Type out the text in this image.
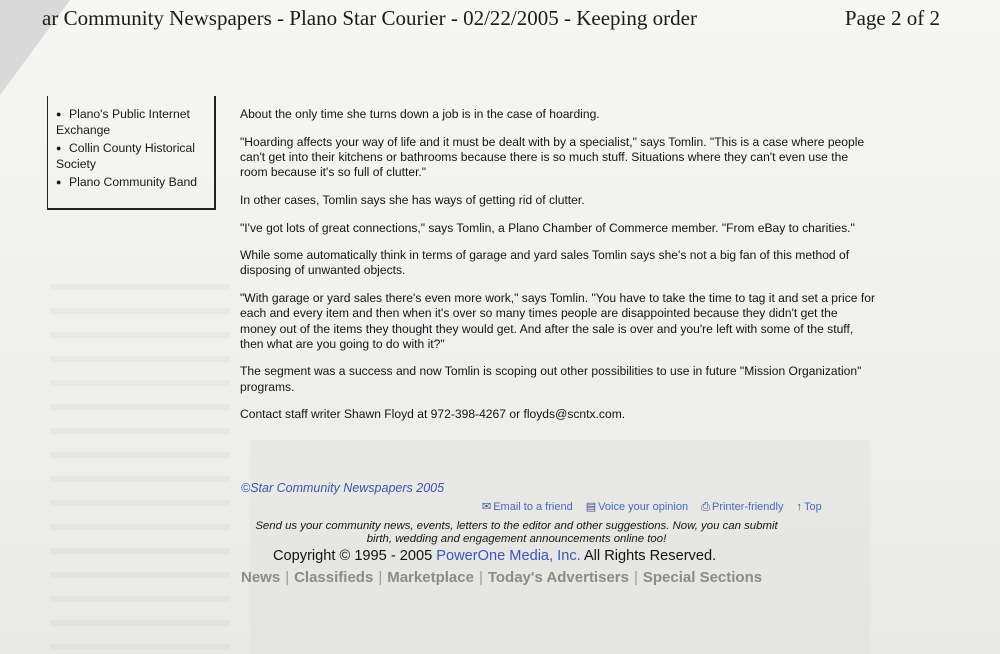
ar Community Newspapers - Plano Star Courier - 02/22/2005 - Keeping order	Page 2 of 2
● Plano's Public Internet Exchange
● Collin County Historical Society
● Plano Community Band

About the only time she turns down a job is in the case of hoarding.

"Hoarding affects your way of life and it must be dealt with by a specialist," says Tomlin. "This is a case where people can't get into their kitchens or bathrooms because there is so much stuff. Situations where they can't even use the room because it's so full of clutter."

In other cases, Tomlin says she has ways of getting rid of clutter.

"I've got lots of great connections," says Tomlin, a Plano Chamber of Commerce member. "From eBay to charities."

While some automatically think in terms of garage and yard sales Tomlin says she's not a big fan of this method of disposing of unwanted objects.

"With garage or yard sales there's even more work," says Tomlin. "You have to take the time to tag it and set a price for each and every item and then when it's over so many times people are disappointed because they didn't get the money out of the items they thought they would get. And after the sale is over and you're left with some of the stuff, then what are you going to do with it?"

The segment was a success and now Tomlin is scoping out other possibilities to use in future "Mission Organization" programs.

Contact staff writer Shawn Floyd at 972-398-4267 or floyds@scntx.com.

©Star Community Newspapers 2005
✉ Email to a friend ▤ Voice your opinion ⎙ Printer-friendly ↑ Top
Send us your community news, events, letters to the editor and other suggestions. Now, you can submit birth, wedding and engagement announcements online too!
Copyright © 1995 - 2005 PowerOne Media, Inc. All Rights Reserved.
News | Classifieds | Marketplace | Today's Advertisers | Special Sections
